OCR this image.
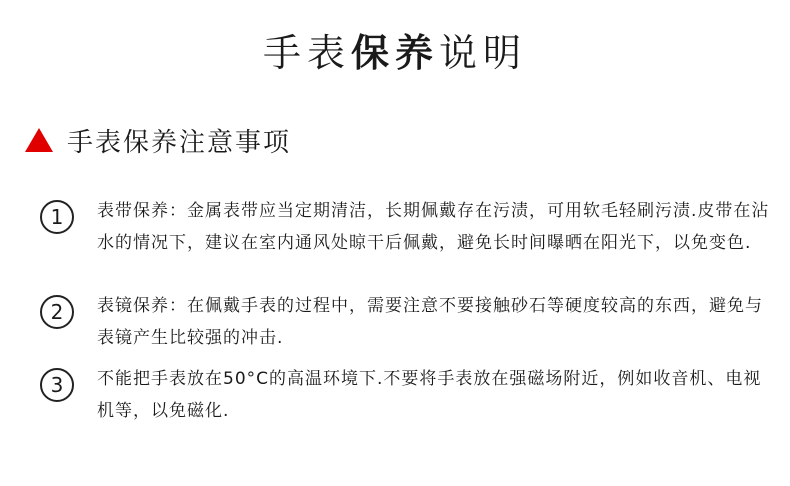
手表保养说明
手表保养注意事项
1	表带保养：金属表带应当定期清洁，长期佩戴存在污渍，可用软毛轻刷污渍.皮带在沾水的情况下，建议在室内通风处晾干后佩戴，避免长时间曝晒在阳光下，以免变色.
2	表镜保养：在佩戴手表的过程中，需要注意不要接触砂石等硬度较高的东西，避免与表镜产生比较强的冲击.
3	不能把手表放在50°C的高温环境下.不要将手表放在强磁场附近，例如收音机、电视机等，以免磁化.
